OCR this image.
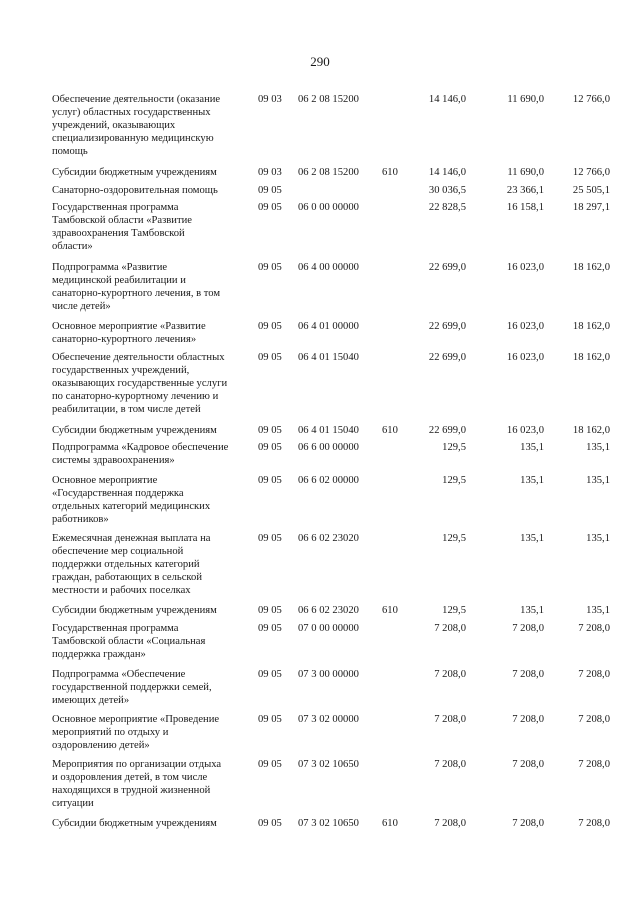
290
Обеспечение деятельности (оказание
услуг) областных государственных
учреждений, оказывающих
специализированную медицинскую
помощь
09 03 06 2 08 15200	14 146,0	11 690,0	12 766,0
Субсидии бюджетным учреждениям	09 03 06 2 08 15200 610	14 146,0	11 690,0	12 766,0
Санаторно-оздоровительная помощь	09 05	30 036,5	23 366,1	25 505,1
Государственная программа
Тамбовской области «Развитие
здравоохранения Тамбовской
области»
09 05 06 0 00 00000	22 828,5	16 158,1	18 297,1
Подпрограмма «Развитие
медицинской реабилитации и
санаторно-курортного лечения, в том
числе детей»
09 05 06 4 00 00000	22 699,0	16 023,0	18 162,0
Основное мероприятие «Развитие
санаторно-курортного лечения»
09 05 06 4 01 00000	22 699,0	16 023,0	18 162,0
Обеспечение деятельности областных
государственных учреждений,
оказывающих государственные услуги
по санаторно-курортному лечению и
реабилитации, в том числе детей
09 05 06 4 01 15040	22 699,0	16 023,0	18 162,0
Субсидии бюджетным учреждениям	09 05 06 4 01 15040 610	22 699,0	16 023,0	18 162,0
Подпрограмма «Кадровое обеспечение
системы здравоохранения»
09 05 06 6 00 00000	129,5	135,1	135,1
Основное мероприятие
«Государственная поддержка
отдельных категорий медицинских
работников»
09 05 06 6 02 00000	129,5	135,1	135,1
Ежемесячная денежная выплата на
обеспечение мер социальной
поддержки отдельных категорий
граждан, работающих в сельской
местности и рабочих поселках
09 05 06 6 02 23020	129,5	135,1	135,1
Субсидии бюджетным учреждениям	09 05 06 6 02 23020 610	129,5	135,1	135,1
Государственная программа
Тамбовской области «Социальная
поддержка граждан»
09 05 07 0 00 00000	7 208,0	7 208,0	7 208,0
Подпрограмма «Обеспечение
государственной поддержки семей,
имеющих детей»
09 05 07 3 00 00000	7 208,0	7 208,0	7 208,0
Основное мероприятие «Проведение
мероприятий по отдыху и
оздоровлению детей»
09 05 07 3 02 00000	7 208,0	7 208,0	7 208,0
Мероприятия по организации отдыха
и оздоровления детей, в том числе
находящихся в трудной жизненной
ситуации
09 05 07 3 02 10650	7 208,0	7 208,0	7 208,0
Субсидии бюджетным учреждениям	09 05 07 3 02 10650 610	7 208,0	7 208,0	7 208,0
